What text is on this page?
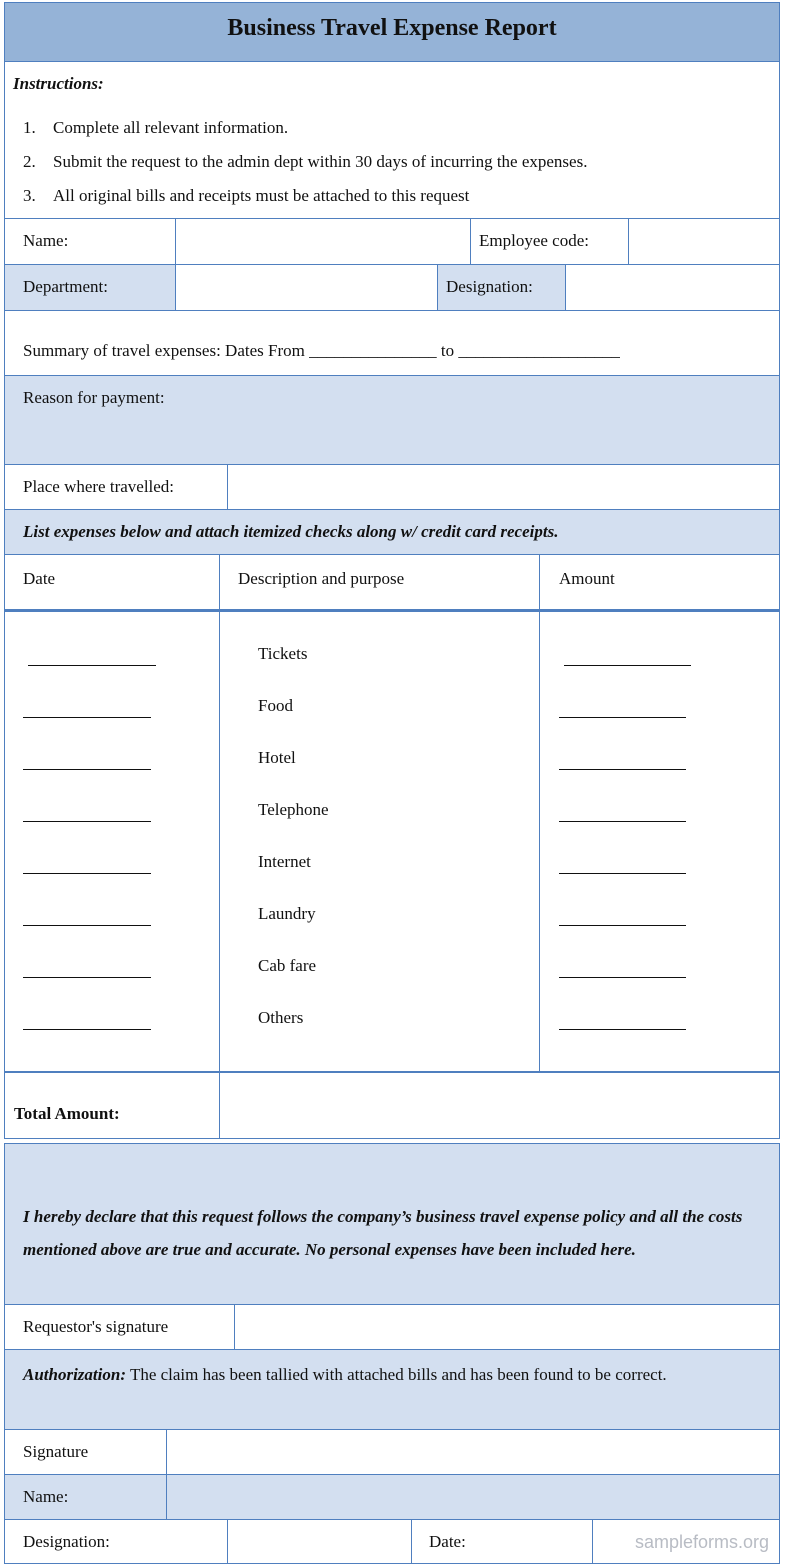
Business Travel Expense Report
Instructions:
1. Complete all relevant information.
2. Submit the request to the admin dept within 30 days of incurring the expenses.
3. All original bills and receipts must be attached to this request
Name:	Employee code:
Department:	Designation:
Summary of travel expenses: Dates From _______________ to ___________________
Reason for payment:
Place where travelled:
List expenses below and attach itemized checks along w/ credit card receipts.
Date	Description and purpose	Amount
Tickets
Food
Hotel
Telephone
Internet
Laundry
Cab fare
Others
Total Amount:
I hereby declare that this request follows the company’s business travel expense policy and all the costs mentioned above are true and accurate. No personal expenses have been included here.
Requestor's signature
Authorization: The claim has been tallied with attached bills and has been found to be correct.
Signature
Name:
Designation:	Date:	sampleforms.org
